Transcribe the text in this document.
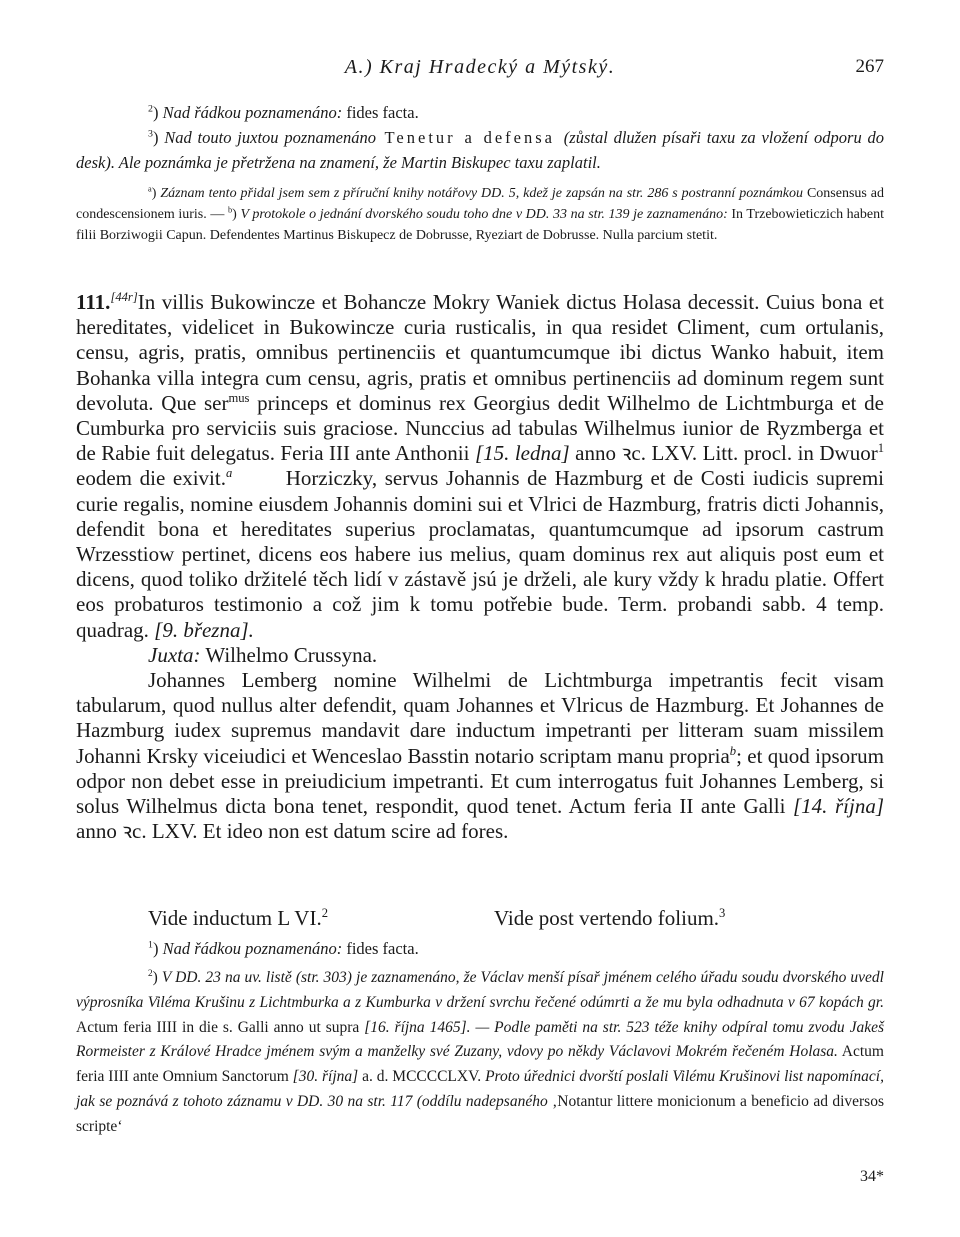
A.) Kraj Hradecký a Mýtský.	267

$^2$) Nad řádkou poznamenáno: fides facta.

$^3$) Nad touto juxtou poznamenáno Tenetur a defensa (zůstal dlužen písaři taxu za vložení odporu do desk). Ale poznámka je přetržena na znamení, že Martin Biskupec taxu zaplatil.

$^a$) Záznam tento přidal jsem sem z příruční knihy notářovy DD. 5, kdež je zapsán na str. 286 s postranní poznámkou Consensus ad condescensionem iuris. — $^b$) V protokole o jednání dvorského soudu toho dne v DD. 33 na str. 139 je zaznamenáno: In Trzebowieticzich habent filii Borziwogii Capun. Defendentes Martinus Biskupecz de Dobrusse, Ryeziart de Dobrusse. Nulla parcium stetit.

111.[44r]In villis Bukowincze et Bohancze Mokry Waniek dictus Holasa decessit. Cuius bona et hereditates, videlicet in Bukowincze curia rusticalis, in qua residet Climent, cum ortulanis, censu, agris, pratis, omnibus pertinenciis et quantumcumque ibi dictus Wanko habuit, item Bohanka villa integra cum censu, agris, pratis et omnibus pertinenciis ad dominum regem sunt devoluta. Que ser$^{mus}$ princeps et dominus rex Georgius dedit Wilhelmo de Lichtmburga et de Cumburka pro serviciis suis graciose. Nunccius ad tabulas Wilhelmus iunior de Ryzmberga et de Rabie fuit delegatus. Feria III ante Anthonii [15. ledna] anno ꝛc. LXV. Litt. procl. in Dwuor$^1$ eodem die exivit.$^a$       Horziczky, servus Johannis de Hazmburg et de Costi iudicis supremi curie regalis, nomine eiusdem Johannis domini sui et Vlrici de Hazmburg, fratris dicti Johannis, defendit bona et hereditates superius proclamatas, quantumcumque ad ipsorum castrum Wrzesstiow pertinet, dicens eos habere ius melius, quam dominus rex aut aliquis post eum et dicens, quod toliko držitelé těch lidí v zástavě jsú je drželi, ale kury vždy k hradu platie. Offert eos probaturos testimonio a což jim k tomu potřebie bude. Term. probandi sabb. 4 temp. quadrag. [9. března].

Juxta: Wilhelmo Crussyna.

Johannes Lemberg nomine Wilhelmi de Lichtmburga impetrantis fecit visam tabularum, quod nullus alter defendit, quam Johannes et Vlricus de Hazmburg. Et Johannes de Hazmburg iudex supremus mandavit dare inductum impetranti per litteram suam missilem Johanni Krsky viceiudici et Wenceslao Basstin notario scriptam manu propria$^b$; et quod ipsorum odpor non debet esse in preiudicium impetranti. Et cum interrogatus fuit Johannes Lemberg, si solus Wilhelmus dicta bona tenet, respondit, quod tenet. Actum feria II ante Galli [14. října] anno ꝛc. LXV. Et ideo non est datum scire ad fores.

Vide inductum L VI.$^2$	Vide post vertendo folium.$^3$

$^1$) Nad řádkou poznamenáno: fides facta.

$^2$) V DD. 23 na uv. listě (str. 303) je zaznamenáno, že Václav menší písař jménem celého úřadu soudu dvorského uvedl výprosníka Viléma Krušinu z Lichtmburka a z Kumburka v držení svrchu řečené odúmrti a že mu byla odhadnuta v 67 kopách gr. Actum feria IIII in die s. Galli anno ut supra [16. října 1465]. — Podle paměti na str. 523 téže knihy odpíral tomu zvodu Jakeš Rormeister z Králové Hradce jménem svým a manželky své Zuzany, vdovy po někdy Václavovi Mokrém řečeném Holasa. Actum feria IIII ante Omnium Sanctorum [30. října] a. d. MCCCCLXV. Proto úřednici dvorští poslali Vilému Krušinovi list napomínací, jak se poznává z tohoto záznamu v DD. 30 na str. 117 (oddílu nadepsaného ‚Notantur littere monicionum a beneficio ad diversos scripte‘

34*
